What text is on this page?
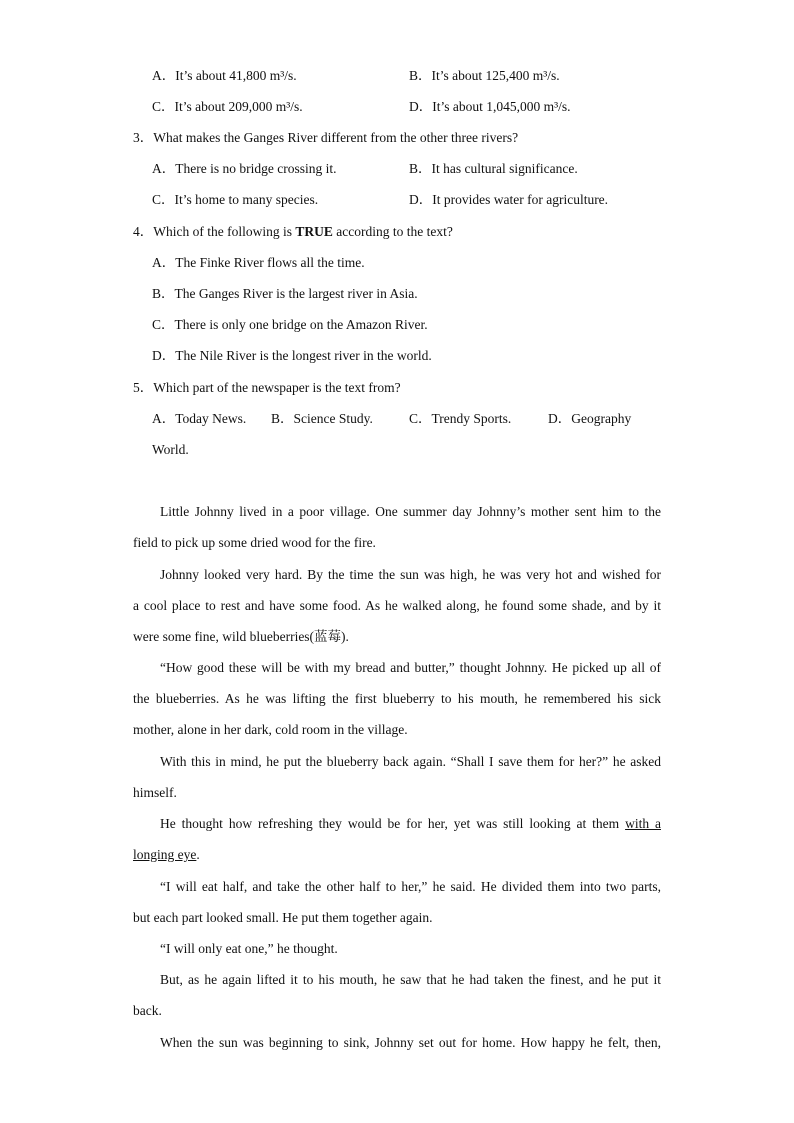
A．It’s about 41,800 m³/s.	B．It’s about 125,400 m³/s.
C．It’s about 209,000 m³/s.	D．It’s about 1,045,000 m³/s.
3．What makes the Ganges River different from the other three rivers?
A．There is no bridge crossing it.	B．It has cultural significance.
C．It’s home to many species.	D．It provides water for agriculture.
4．Which of the following is TRUE according to the text?
A．The Finke River flows all the time.
B．The Ganges River is the largest river in Asia.
C．There is only one bridge on the Amazon River.
D．The Nile River is the longest river in the world.
5．Which part of the newspaper is the text from?
A．Today News. B．Science Study.	C．Trendy Sports.	D．Geography
World.
Little Johnny lived in a poor village. One summer day Johnny’s mother sent him to the
field to pick up some dried wood for the fire.
Johnny looked very hard. By the time the sun was high, he was very hot and wished for
a cool place to rest and have some food. As he walked along, he found some shade, and by it
were some fine, wild blueberries(蓝莓).
“How good these will be with my bread and butter,” thought Johnny. He picked up all of
the blueberries. As he was lifting the first blueberry to his mouth, he remembered his sick
mother, alone in her dark, cold room in the village.
With this in mind, he put the blueberry back again. “Shall I save them for her?” he asked
himself.
He thought how refreshing they would be for her, yet was still looking at them with a
longing eye.
“I will eat half, and take the other half to her,” he said. He divided them into two parts,
but each part looked small. He put them together again.
“I will only eat one,” he thought.
But, as he again lifted it to his mouth, he saw that he had taken the finest, and he put it
back.
When the sun was beginning to sink, Johnny set out for home. How happy he felt, then,
